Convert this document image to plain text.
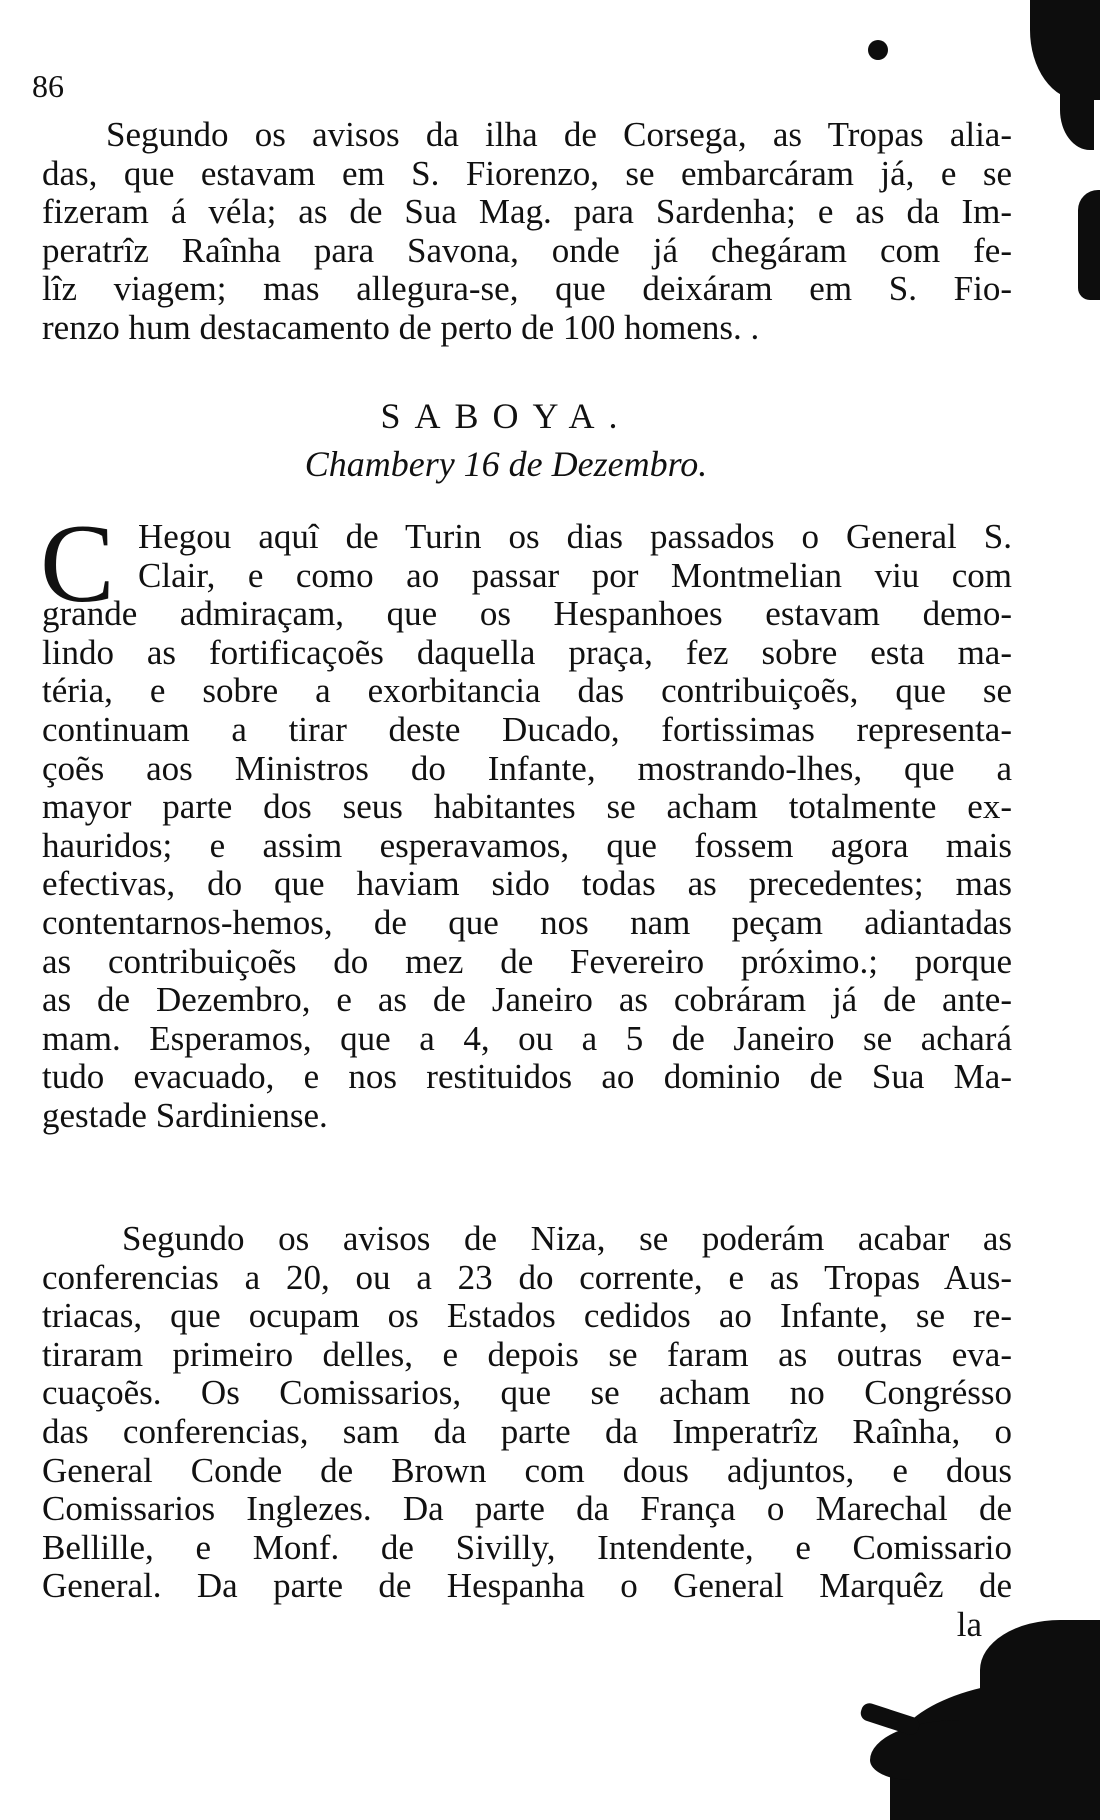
86
Segundo os avisos da ilha de Corsega, as Tropas alia-
das, que estavam em S. Fiorenzo, se embarcáram já, e se
fizeram á véla; as de Sua Mag. para Sardenha; e as da Im-
peratrîz Raînha para Savona, onde já chegáram com fe-
lîz viagem; mas allegura-se, que deixáram em S. Fio-
renzo hum destacamento de perto de 100 homens. .
SABOYA.
Chambery 16 de Dezembro.
C Hegou aquî de Turin os dias passados o General S.
Clair, e como ao passar por Montmelian viu com
grande admiraçam, que os Hespanhoes estavam demo-
lindo as fortificaçoẽs daquella praça, fez sobre esta ma-
téria, e sobre a exorbitancia das contribuiçoẽs, que se
continuam a tirar deste Ducado, fortissimas representa-
çoẽs aos Ministros do Infante, mostrando-lhes, que a
mayor parte dos seus habitantes se acham totalmente ex-
hauridos; e assim esperavamos, que fossem agora mais
efectivas, do que haviam sido todas as precedentes; mas
contentarnos-hemos, de que nos nam peçam adiantadas
as contribuiçoẽs do mez de Fevereiro próximo.; porque
as de Dezembro, e as de Janeiro as cobráram já de ante-
mam. Esperamos, que a 4, ou a 5 de Janeiro se achará
tudo evacuado, e nos restituidos ao dominio de Sua Ma-
gestade Sardiniense.
Segundo os avisos de Niza, se poderám acabar as
conferencias a 20, ou a 23 do corrente, e as Tropas Aus-
triacas, que ocupam os Estados cedidos ao Infante, se re-
tiraram primeiro delles, e depois se faram as outras eva-
cuaçoẽs. Os Comissarios, que se acham no Congrésso
das conferencias, sam da parte da Imperatrîz Raînha, o
General Conde de Brown com dous adjuntos, e dous
Comissarios Inglezes. Da parte da França o Marechal de
Bellille, e Monf. de Sivilly, Intendente, e Comissario
General. Da parte de Hespanha o General Marquêz de
la
